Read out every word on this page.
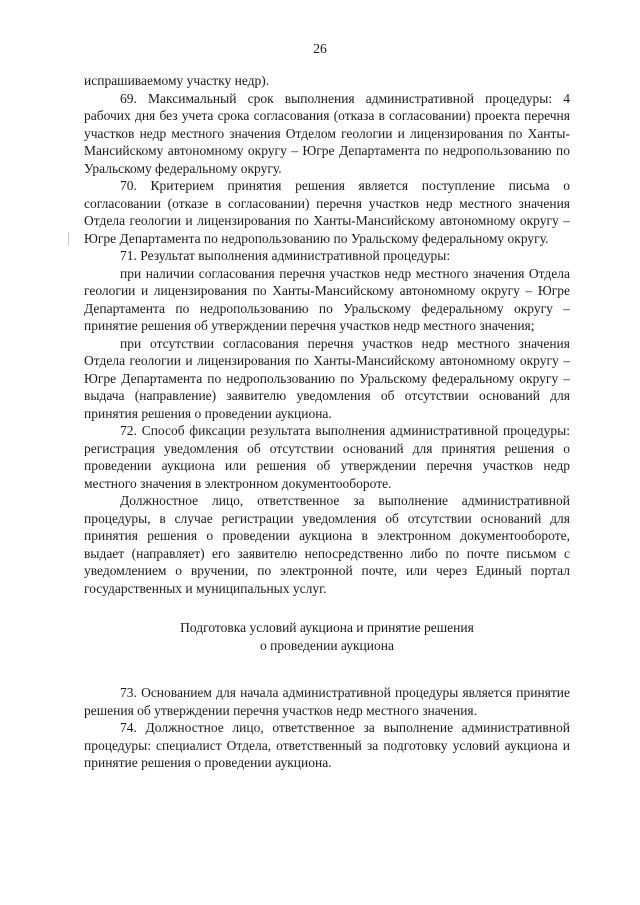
26

испрашиваемому участку недр).

69. Максимальный срок выполнения административной процедуры: 4 рабочих дня без учета срока согласования (отказа в согласовании) проекта перечня участков недр местного значения Отделом геологии и лицензирования по Ханты-Мансийскому автономному округу – Югре Департамента по недропользованию по Уральскому федеральному округу.

70. Критерием принятия решения является поступление письма о согласовании (отказе в согласовании) перечня участков недр местного значения Отдела геологии и лицензирования по Ханты-Мансийскому автономному округу – Югре Департамента по недропользованию по Уральскому федеральному округу.

71. Результат выполнения административной процедуры:

при наличии согласования перечня участков недр местного значения Отдела геологии и лицензирования по Ханты-Мансийскому автономному округу – Югре Департамента по недропользованию по Уральскому федеральному округу – принятие решения об утверждении перечня участков недр местного значения;

при отсутствии согласования перечня участков недр местного значения Отдела геологии и лицензирования по Ханты-Мансийскому автономному округу – Югре Департамента по недропользованию по Уральскому федеральному округу – выдача (направление) заявителю уведомления об отсутствии оснований для принятия решения о проведении аукциона.

72. Способ фиксации результата выполнения административной процедуры: регистрация уведомления об отсутствии оснований для принятия решения о проведении аукциона или решения об утверждении перечня участков недр местного значения в электронном документообороте.

Должностное лицо, ответственное за выполнение административной процедуры, в случае регистрации уведомления об отсутствии оснований для принятия решения о проведении аукциона в электронном документообороте, выдает (направляет) его заявителю непосредственно либо по почте письмом с уведомлением о вручении, по электронной почте, или через Единый портал государственных и муниципальных услуг.

Подготовка условий аукциона и принятие решения
о проведении аукциона

73. Основанием для начала административной процедуры является принятие решения об утверждении перечня участков недр местного значения.

74. Должностное лицо, ответственное за выполнение административной процедуры: специалист Отдела, ответственный за подготовку условий аукциона и принятие решения о проведении аукциона.
